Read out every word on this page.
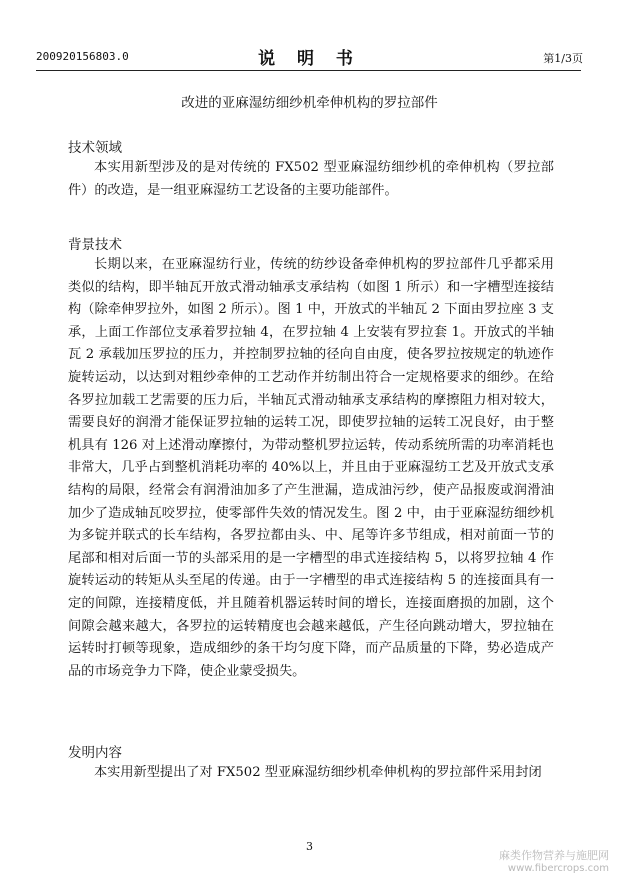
200920156803.0	说 明 书	第1/3页
改进的亚麻湿纺细纱机牵伸机构的罗拉部件
技术领域

本实用新型涉及的是对传统的 FX502 型亚麻湿纺细纱机的牵伸机构（罗拉部件）的改造，是一组亚麻湿纺工艺设备的主要功能部件。

背景技术

长期以来，在亚麻湿纺行业，传统的纺纱设备牵伸机构的罗拉部件几乎都采用类似的结构，即半轴瓦开放式滑动轴承支承结构（如图 1 所示）和一字槽型连接结构（除牵伸罗拉外，如图 2 所示）。图 1 中，开放式的半轴瓦 2 下面由罗拉座 3 支承，上面工作部位支承着罗拉轴 4，在罗拉轴 4 上安装有罗拉套 1。开放式的半轴瓦 2 承载加压罗拉的压力，并控制罗拉轴的径向自由度，使各罗拉按规定的轨迹作旋转运动，以达到对粗纱牵伸的工艺动作并纺制出符合一定规格要求的细纱。在给各罗拉加载工艺需要的压力后，半轴瓦式滑动轴承支承结构的摩擦阻力相对较大，需要良好的润滑才能保证罗拉轴的运转工况，即使罗拉轴的运转工况良好，由于整机具有 126 对上述滑动摩擦付，为带动整机罗拉运转，传动系统所需的功率消耗也非常大，几乎占到整机消耗功率的 40%以上，并且由于亚麻湿纺工艺及开放式支承结构的局限，经常会有润滑油加多了产生泄漏，造成油污纱，使产品报废或润滑油加少了造成轴瓦咬罗拉，使零部件失效的情况发生。图 2 中，由于亚麻湿纺细纱机为多锭并联式的长车结构，各罗拉都由头、中、尾等许多节组成，相对前面一节的尾部和相对后面一节的头部采用的是一字槽型的串式连接结构 5，以将罗拉轴 4 作旋转运动的转矩从头至尾的传递。由于一字槽型的串式连接结构 5 的连接面具有一定的间隙，连接精度低，并且随着机器运转时间的增长，连接面磨损的加剧，这个间隙会越来越大，各罗拉的运转精度也会越来越低，产生径向跳动增大，罗拉轴在运转时打顿等现象，造成细纱的条干均匀度下降，而产品质量的下降，势必造成产品的市场竞争力下降，使企业蒙受损失。

发明内容

本实用新型提出了对 FX502 型亚麻湿纺细纱机牵伸机构的罗拉部件采用封闭

3
麻类作物营养与施肥网
www.fibercrops.com
